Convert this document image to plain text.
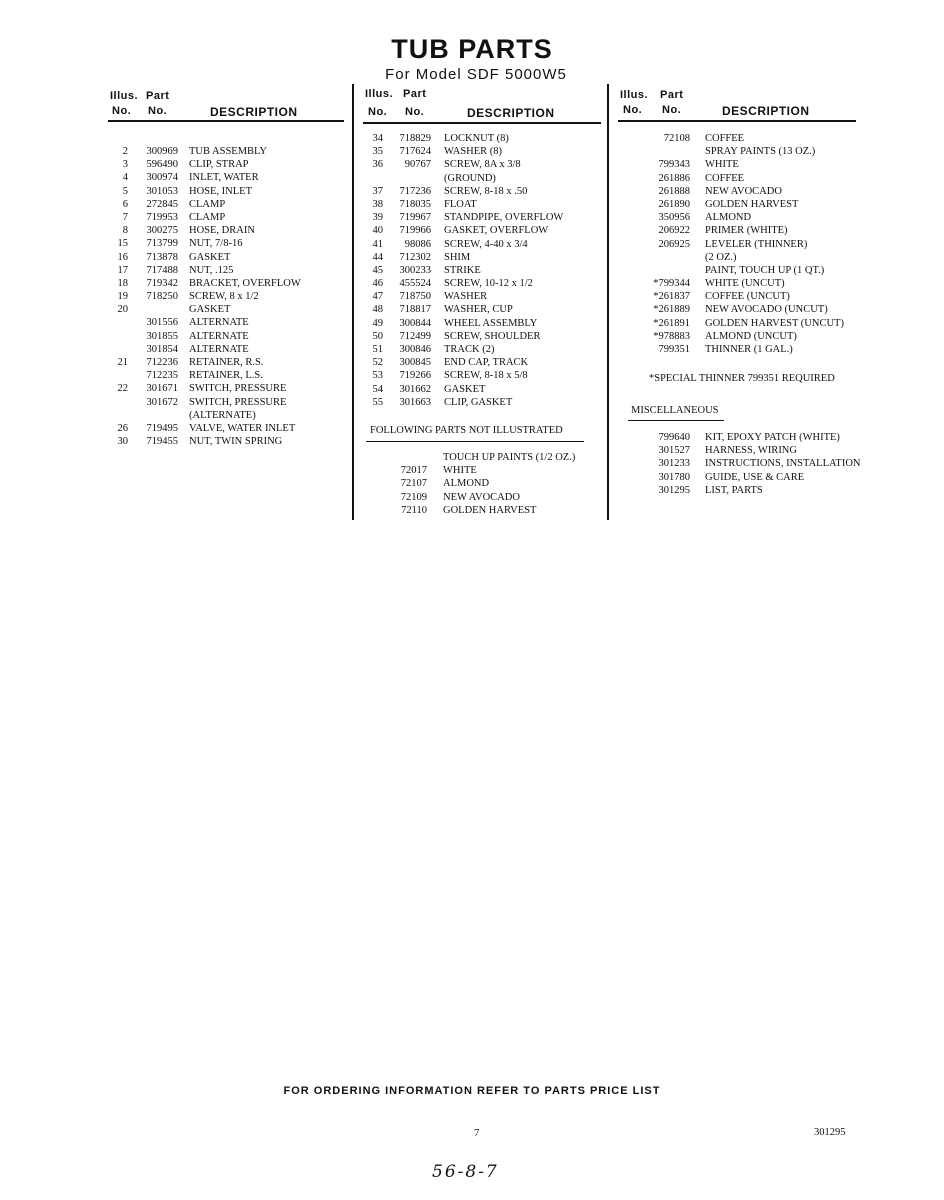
TUB PARTS
For Model SDF 5000W5
Illus. Part
No. No.	DESCRIPTION
Illus. Part
No. No.	DESCRIPTION
Illus. Part
No. No.	DESCRIPTION
2	300969 TUB ASSEMBLY
3	596490 CLIP, STRAP
4	300974 INLET, WATER
5	301053 HOSE, INLET
6	272845 CLAMP
7	719953 CLAMP
8	300275 HOSE, DRAIN
15	713799 NUT, 7/8-16
16	713878 GASKET
17	717488 NUT, .125
18	719342 BRACKET, OVERFLOW
19	718250 SCREW, 8 x 1/2
20	GASKET
301556 ALTERNATE
301855 ALTERNATE
301854 ALTERNATE
21	712236 RETAINER, R.S.
712235 RETAINER, L.S.
22	301671 SWITCH, PRESSURE
301672 SWITCH, PRESSURE
(ALTERNATE)
26	719495 VALVE, WATER INLET
30	719455 NUT, TWIN SPRING
34	718829 LOCKNUT (8)
35	717624 WASHER (8)
36	90767 SCREW, 8A x 3/8
(GROUND)
37	717236 SCREW, 8-18 x .50
38	718035 FLOAT
39	719967 STANDPIPE, OVERFLOW
40	719966 GASKET, OVERFLOW
41	98086 SCREW, 4-40 x 3/4
44	712302 SHIM
45	300233 STRIKE
46	455524 SCREW, 10-12 x 1/2
47	718750 WASHER
48	718817 WASHER, CUP
49	300844 WHEEL ASSEMBLY
50	712499 SCREW, SHOULDER
51	300846 TRACK (2)
52	300845 END CAP, TRACK
53	719266 SCREW, 8-18 x 5/8
54	301662 GASKET
55	301663 CLIP, GASKET
FOLLOWING PARTS NOT ILLUSTRATED
TOUCH UP PAINTS (1/2 OZ.)
72017 WHITE
72107 ALMOND
72109 NEW AVOCADO
72110 GOLDEN HARVEST
72108 COFFEE
SPRAY PAINTS (13 OZ.)
799343 WHITE
261886 COFFEE
261888 NEW AVOCADO
261890 GOLDEN HARVEST
350956 ALMOND
206922 PRIMER (WHITE)
206925 LEVELER (THINNER)
(2 OZ.)
PAINT, TOUCH UP (1 QT.)
*799344 WHITE (UNCUT)
*261837 COFFEE (UNCUT)
*261889 NEW AVOCADO (UNCUT)
*261891 GOLDEN HARVEST (UNCUT)
*978883 ALMOND (UNCUT)
799351 THINNER (1 GAL.)
*SPECIAL THINNER 799351 REQUIRED
MISCELLANEOUS
799640 KIT, EPOXY PATCH (WHITE)
301527 HARNESS, WIRING
301233 INSTRUCTIONS, INSTALLATION
301780 GUIDE, USE & CARE
301295 LIST, PARTS
FOR ORDERING INFORMATION REFER TO PARTS PRICE LIST
7	301295
56-8-7
